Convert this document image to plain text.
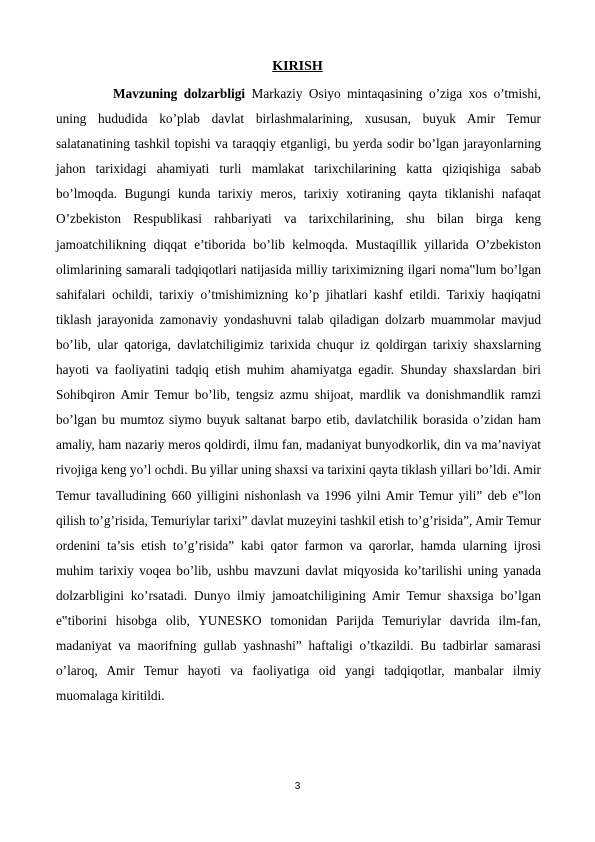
KIRISH

Mavzuning dolzarbligi Markaziy Osiyo mintaqasining o’ziga xos o’tmishi, uning hududida ko’plab davlat birlashmalarining, xususan, buyuk Amir Temur salatanatining tashkil topishi va taraqqiy etganligi, bu yerda sodir bo’lgan jarayonlarning jahon tarixidagi ahamiyati turli mamlakat tarixchilarining katta qiziqishiga sabab bo’lmoqda. Bugungi kunda tarixiy meros, tarixiy xotiraning qayta tiklanishi nafaqat O’zbekiston Respublikasi rahbariyati va tarixchilarining, shu bilan birga keng jamoatchilikning diqqat e’tiborida bo’lib kelmoqda. Mustaqillik yillarida O’zbekiston olimlarining samarali tadqiqotlari natijasida milliy tariximizning ilgari noma‟lum bo’lgan sahifalari ochildi, tarixiy o’tmishimizning ko’p jihatlari kashf etildi. Tarixiy haqiqatni tiklash jarayonida zamonaviy yondashuvni talab qiladigan dolzarb muammolar mavjud bo’lib, ular qatoriga, davlatchiligimiz tarixida chuqur iz qoldirgan tarixiy shaxslarning hayoti va faoliyatini tadqiq etish muhim ahamiyatga egadir. Shunday shaxslardan biri Sohibqiron Amir Temur bo’lib, tengsiz azmu shijoat, mardlik va donishmandlik ramzi bo’lgan bu mumtoz siymo buyuk saltanat barpo etib, davlatchilik borasida o’zidan ham amaliy, ham nazariy meros qoldirdi, ilmu fan, madaniyat bunyodkorlik, din va ma’naviyat rivojiga keng yo’l ochdi. Bu yillar uning shaxsi va tarixini qayta tiklash yillari bo’ldi. Amir Temur tavalludining 660 yilligini nishonlash va 1996 yilni Amir Temur yili” deb e‟lon qilish to’g’risida, Temuriylar tarixi” davlat muzeyini tashkil etish to’g’risida”, Amir Temur ordenini ta’sis etish to’g’risida” kabi qator farmon va qarorlar, hamda ularning ijrosi muhim tarixiy voqea bo’lib, ushbu mavzuni davlat miqyosida ko’tarilishi uning yanada dolzarbligini ko’rsatadi. Dunyo ilmiy jamoatchiligining Amir Temur shaxsiga bo’lgan e‟tiborini hisobga olib, YUNESKO tomonidan Parijda Temuriylar davrida ilm-fan, madaniyat va maorifning gullab yashnashi” haftaligi o’tkazildi. Bu tadbirlar samarasi o’laroq, Amir Temur hayoti va faoliyatiga oid yangi tadqiqotlar, manbalar ilmiy muomalaga kiritildi.

3
